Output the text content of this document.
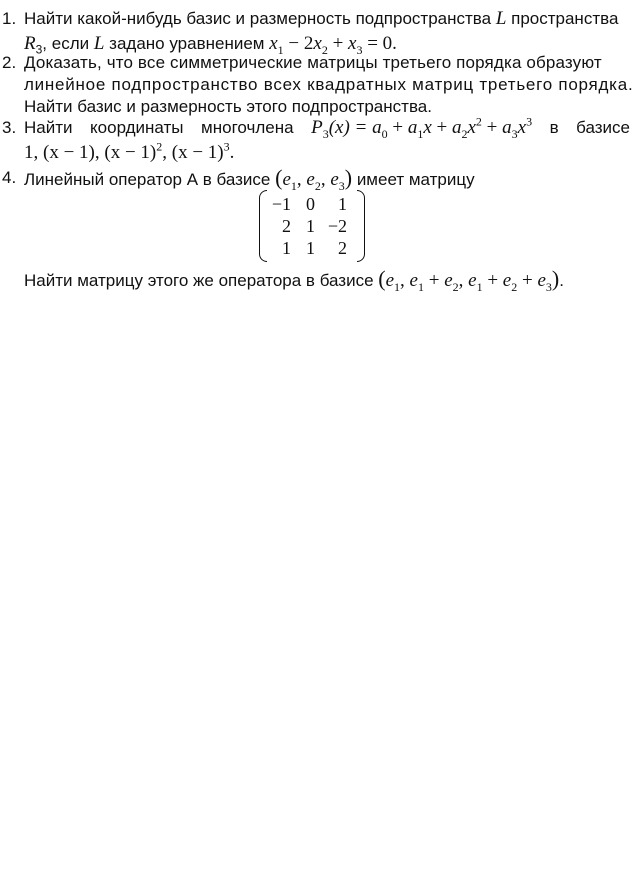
1. Найти какой-нибудь базис и размерность подпространства L пространства
$R_3$, если L задано уравнением $x_1 - 2x_2 + x_3 = 0$.
2. Доказать, что все симметрические матрицы третьего порядка образуют
линейное подпространство всех квадратных матриц третьего порядка.
Найти базис и размерность этого подпространства.
3. Найти координаты многочлена $P_3(x) = a_0 + a_1x + a_2x^2 + a_3x^3$ в базисе
1, (x − 1), $(x - 1)^2$, $(x - 1)^3$.
4. Линейный оператор А в базисе ($e_1$, $e_2$, $e_3$) имеет матрицу
−1 0	1
2 1 −2
1 1	2
Найти матрицу этого же оператора в базисе ($e_1$, $e_1 + e_2$, $e_1 + e_2 + e_3$).
